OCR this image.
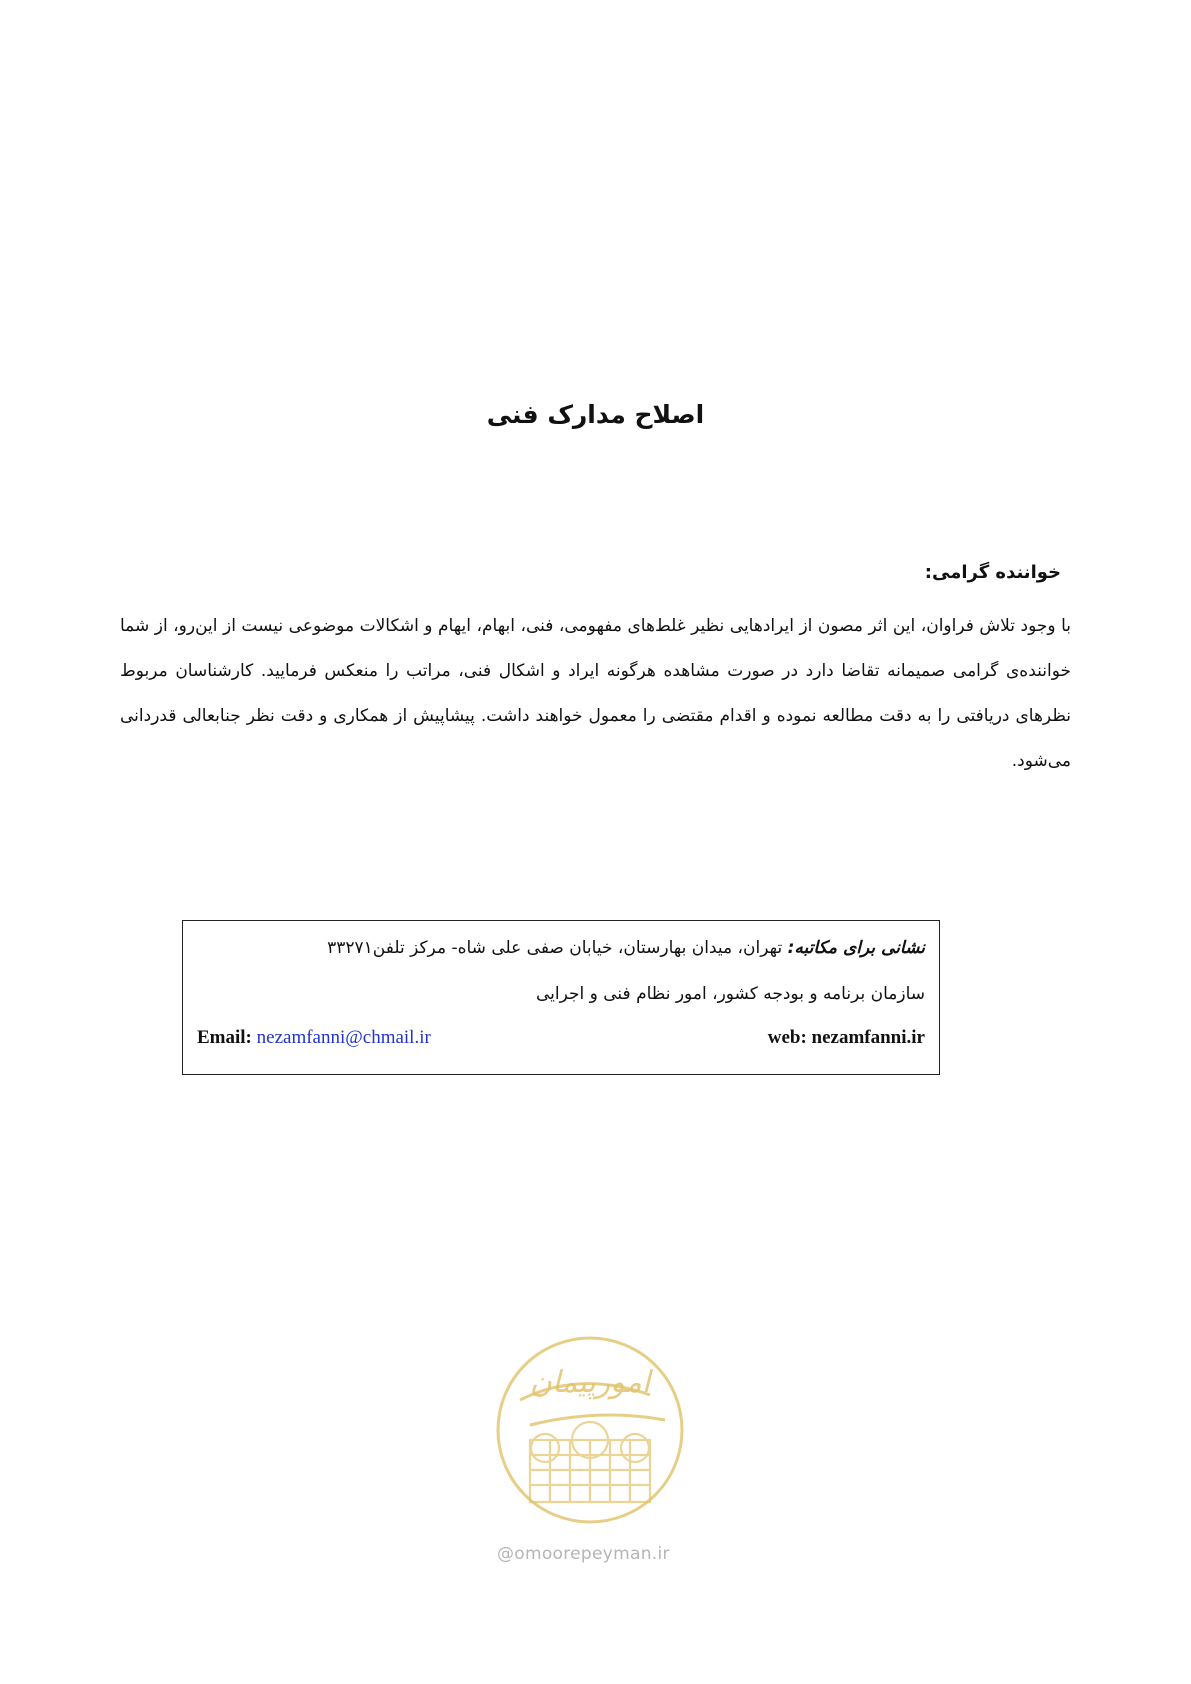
اصلاح مدارک فنی
خواننده گرامی:
با وجود تلاش فراوان، این اثر مصون از ایرادهایی نظیر غلط‌های مفهومی، فنی، ابهام، ایهام و اشکالات موضوعی نیست از این‌رو، از شما خواننده‌ی گرامی صمیمانه تقاضا دارد در صورت مشاهده هرگونه ایراد و اشکال فنی، مراتب را منعکس فرمایید. کارشناسان مربوط نظرهای دریافتی را به دقت مطالعه نموده و اقدام مقتضی را معمول خواهند داشت. پیشاپیش از همکاری و دقت نظر جنابعالی قدردانی می‌شود.
نشانی برای مکاتبه: تهران، میدان بهارستان، خیابان صفی علی شاه- مرکز تلفن۳۳۲۷۱
سازمان برنامه و بودجه کشور، امور نظام فنی و اجرایی
web: nezamfanni.ir
Email: nezamfanni@chmail.ir
امورپیمان
@omoorepeyman.ir
